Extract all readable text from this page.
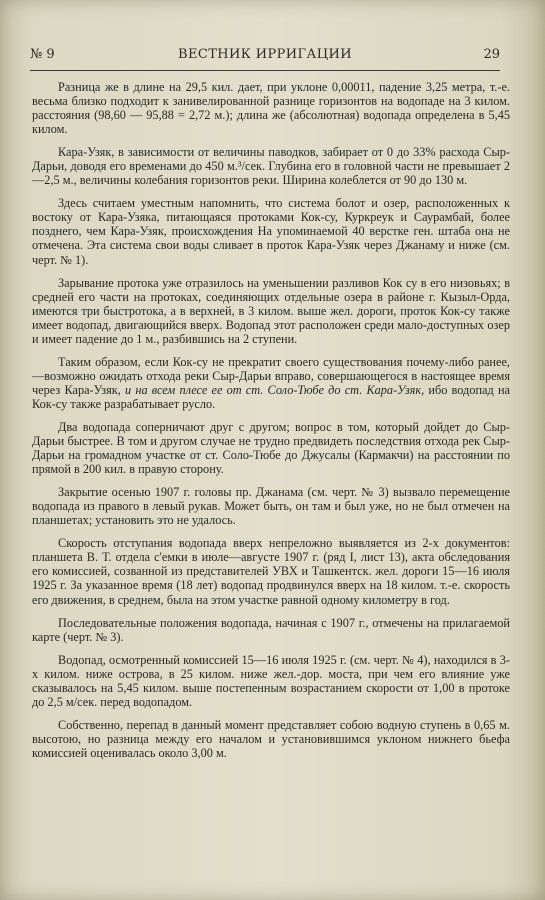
№ 9	ВЕСТНИК ИРРИГАЦИИ	29

Разница же в длине на 29,5 кил. дает, при уклоне 0,00011, падение 3,25 метра, т.-е. весьма близко подходит к занивелированной разнице горизонтов на водопаде на 3 килом. расстояния (98,60 — 95,88 = 2,72 м.); длина же (абсолютная) водопада определена в 5,45 килом.

Кара-Узяк, в зависимости от величины паводков, забирает от 0 до 33% расхода Сыр-Дарьи, доводя его временами до 450 м.³/сек. Глубина его в головной части не превышает 2—2,5 м., величины колебания горизонтов реки. Ширина колеблется от 90 до 130 м.

Здесь считаем уместным напомнить, что система болот и озер, расположенных к востоку от Кара-Узяка, питающаяся протоками Кок-су, Куркреук и Саурамбай, более позднего, чем Кара-Узяк, происхождения На упоминаемой 40 верстке ген. штаба она не отмечена. Эта система свои воды сливает в проток Кара-Узяк через Джанаму и ниже (см. черт. № 1).

Зарывание протока уже отразилось на уменьшении разливов Кок су в его низовьях; в средней его части на протоках, соединяющих отдельные озера в районе г. Кызыл-Орда, имеются три быстротока, а в верхней, в 3 килом. выше жел. дороги, проток Кок-су также имеет водопад, двигающийся вверх. Водопад этот расположен среди мало-доступных озер и имеет падение до 1 м., разбившись на 2 ступени.

Таким образом, если Кок-су не прекратит своего существования почему-либо ранее,—возможно ожидать отхода реки Сыр-Дарьи вправо, совершающегося в настоящее время через Кара-Узяк, и на всем плесе ее от ст. Соло-Тюбе до ст. Кара-Узяк, ибо водопад на Кок-су также разрабатывает русло.

Два водопада соперничают друг с другом; вопрос в том, который дойдет до Сыр-Дарьи быстрее. В том и другом случае не трудно предвидеть последствия отхода рек Сыр-Дарьи на громадном участке от ст. Соло-Тюбе до Джусалы (Кармакчи) на расстоянии по прямой в 200 кил. в правую сторону.

Закрытие осенью 1907 г. головы пр. Джанама (см. черт. № 3) вызвало перемещение водопада из правого в левый рукав. Может быть, он там и был уже, но не был отмечен на планшетах; установить это не удалось.

Скорость отступания водопада вверх непреложно выявляется из 2-х документов: планшета В. Т. отдела с'емки в июле—августе 1907 г. (ряд I, лист 13), акта обследования его комиссией, созванной из представителей УВХ и Ташкентск. жел. дороги 15—16 июля 1925 г. За указанное время (18 лет) водопад продвинулся вверх на 18 килом. т.-е. скорость его движения, в среднем, была на этом участке равной одному километру в год.

Последовательные положения водопада, начиная с 1907 г., отмечены на прилагаемой карте (черт. № 3).

Водопад, осмотренный комиссией 15—16 июля 1925 г. (см. черт. № 4), находился в 3-х килом. ниже острова, в 25 килом. ниже жел.-дор. моста, при чем его влияние уже сказывалось на 5,45 килом. выше постепенным возрастанием скорости от 1,00 в протоке до 2,5 м/сек. перед водопадом.

Собственно, перепад в данный момент представляет собою водную ступень в 0,65 м. высотою, но разница между его началом и установившимся уклоном нижнего бьефа комиссией оценивалась около 3,00 м.
